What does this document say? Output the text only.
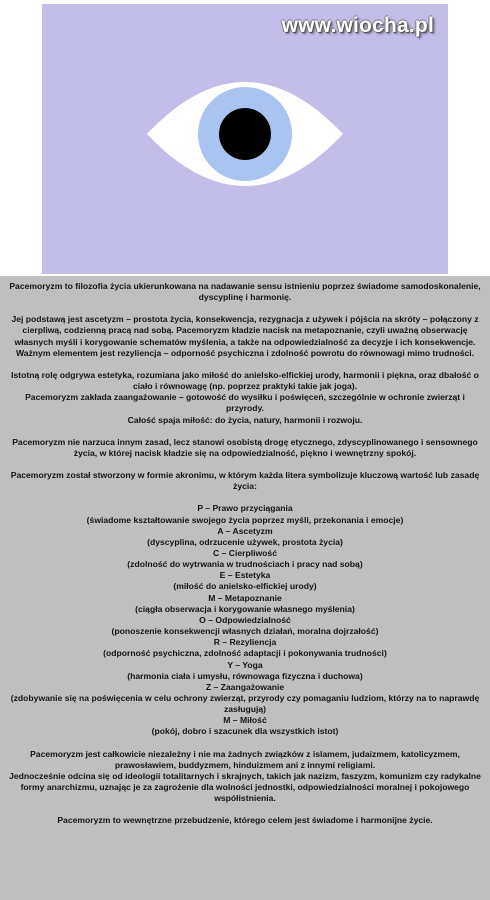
www.wiocha.pl
Pacemoryzm to filozofia życia ukierunkowana na nadawanie sensu istnieniu poprzez świadome samodoskonalenie,
dyscyplinę i harmonię.
Jej podstawą jest ascetyzm – prostota życia, konsekwencja, rezygnacja z używek i pójścia na skróty – połączony z
cierpliwą, codzienną pracą nad sobą. Pacemoryzm kładzie nacisk na metapoznanie, czyli uważną obserwację
własnych myśli i korygowanie schematów myślenia, a także na odpowiedzialność za decyzje i ich konsekwencje.
Ważnym elementem jest rezyliencja – odporność psychiczna i zdolność powrotu do równowagi mimo trudności.
Istotną rolę odgrywa estetyka, rozumiana jako miłość do anielsko-elfickiej urody, harmonii i piękna, oraz dbałość o
ciało i równowagę (np. poprzez praktyki takie jak joga).
Pacemoryzm zakłada zaangażowanie – gotowość do wysiłku i poświęceń, szczególnie w ochronie zwierząt i
przyrody.
Całość spaja miłość: do życia, natury, harmonii i rozwoju.
Pacemoryzm nie narzuca innym zasad, lecz stanowi osobistą drogę etycznego, zdyscyplinowanego i sensownego
życia, w której nacisk kładzie się na odpowiedzialność, piękno i wewnętrzny spokój.
Pacemoryzm został stworzony w formie akronimu, w którym każda litera symbolizuje kluczową wartość lub zasadę
życia:
P – Prawo przyciągania
(świadome kształtowanie swojego życia poprzez myśli, przekonania i emocje)
A – Ascetyzm
(dyscyplina, odrzucenie używek, prostota życia)
C – Cierpliwość
(zdolność do wytrwania w trudnościach i pracy nad sobą)
E – Estetyka
(miłość do anielsko-elfickiej urody)
M – Metapoznanie
(ciągła obserwacja i korygowanie własnego myślenia)
O – Odpowiedzialność
(ponoszenie konsekwencji własnych działań, moralna dojrzałość)
R – Rezyliencja
(odporność psychiczna, zdolność adaptacji i pokonywania trudności)
Y – Yoga
(harmonia ciała i umysłu, równowaga fizyczna i duchowa)
Z – Zaangażowanie
(zdobywanie się na poświęcenia w celu ochrony zwierząt, przyrody czy pomaganiu ludziom, którzy na to naprawdę
zasługują)
M – Miłość
(pokój, dobro i szacunek dla wszystkich istot)
Pacemoryzm jest całkowicie niezależny i nie ma żadnych związków z islamem, judaizmem, katolicyzmem,
prawosławiem, buddyzmem, hinduizmem ani z innymi religiami.
Jednocześnie odcina się od ideologii totalitarnych i skrajnych, takich jak nazizm, faszyzm, komunizm czy radykalne
formy anarchizmu, uznając je za zagrożenie dla wolności jednostki, odpowiedzialności moralnej i pokojowego
współistnienia.
Pacemoryzm to wewnętrzne przebudzenie, którego celem jest świadome i harmonijne życie.
